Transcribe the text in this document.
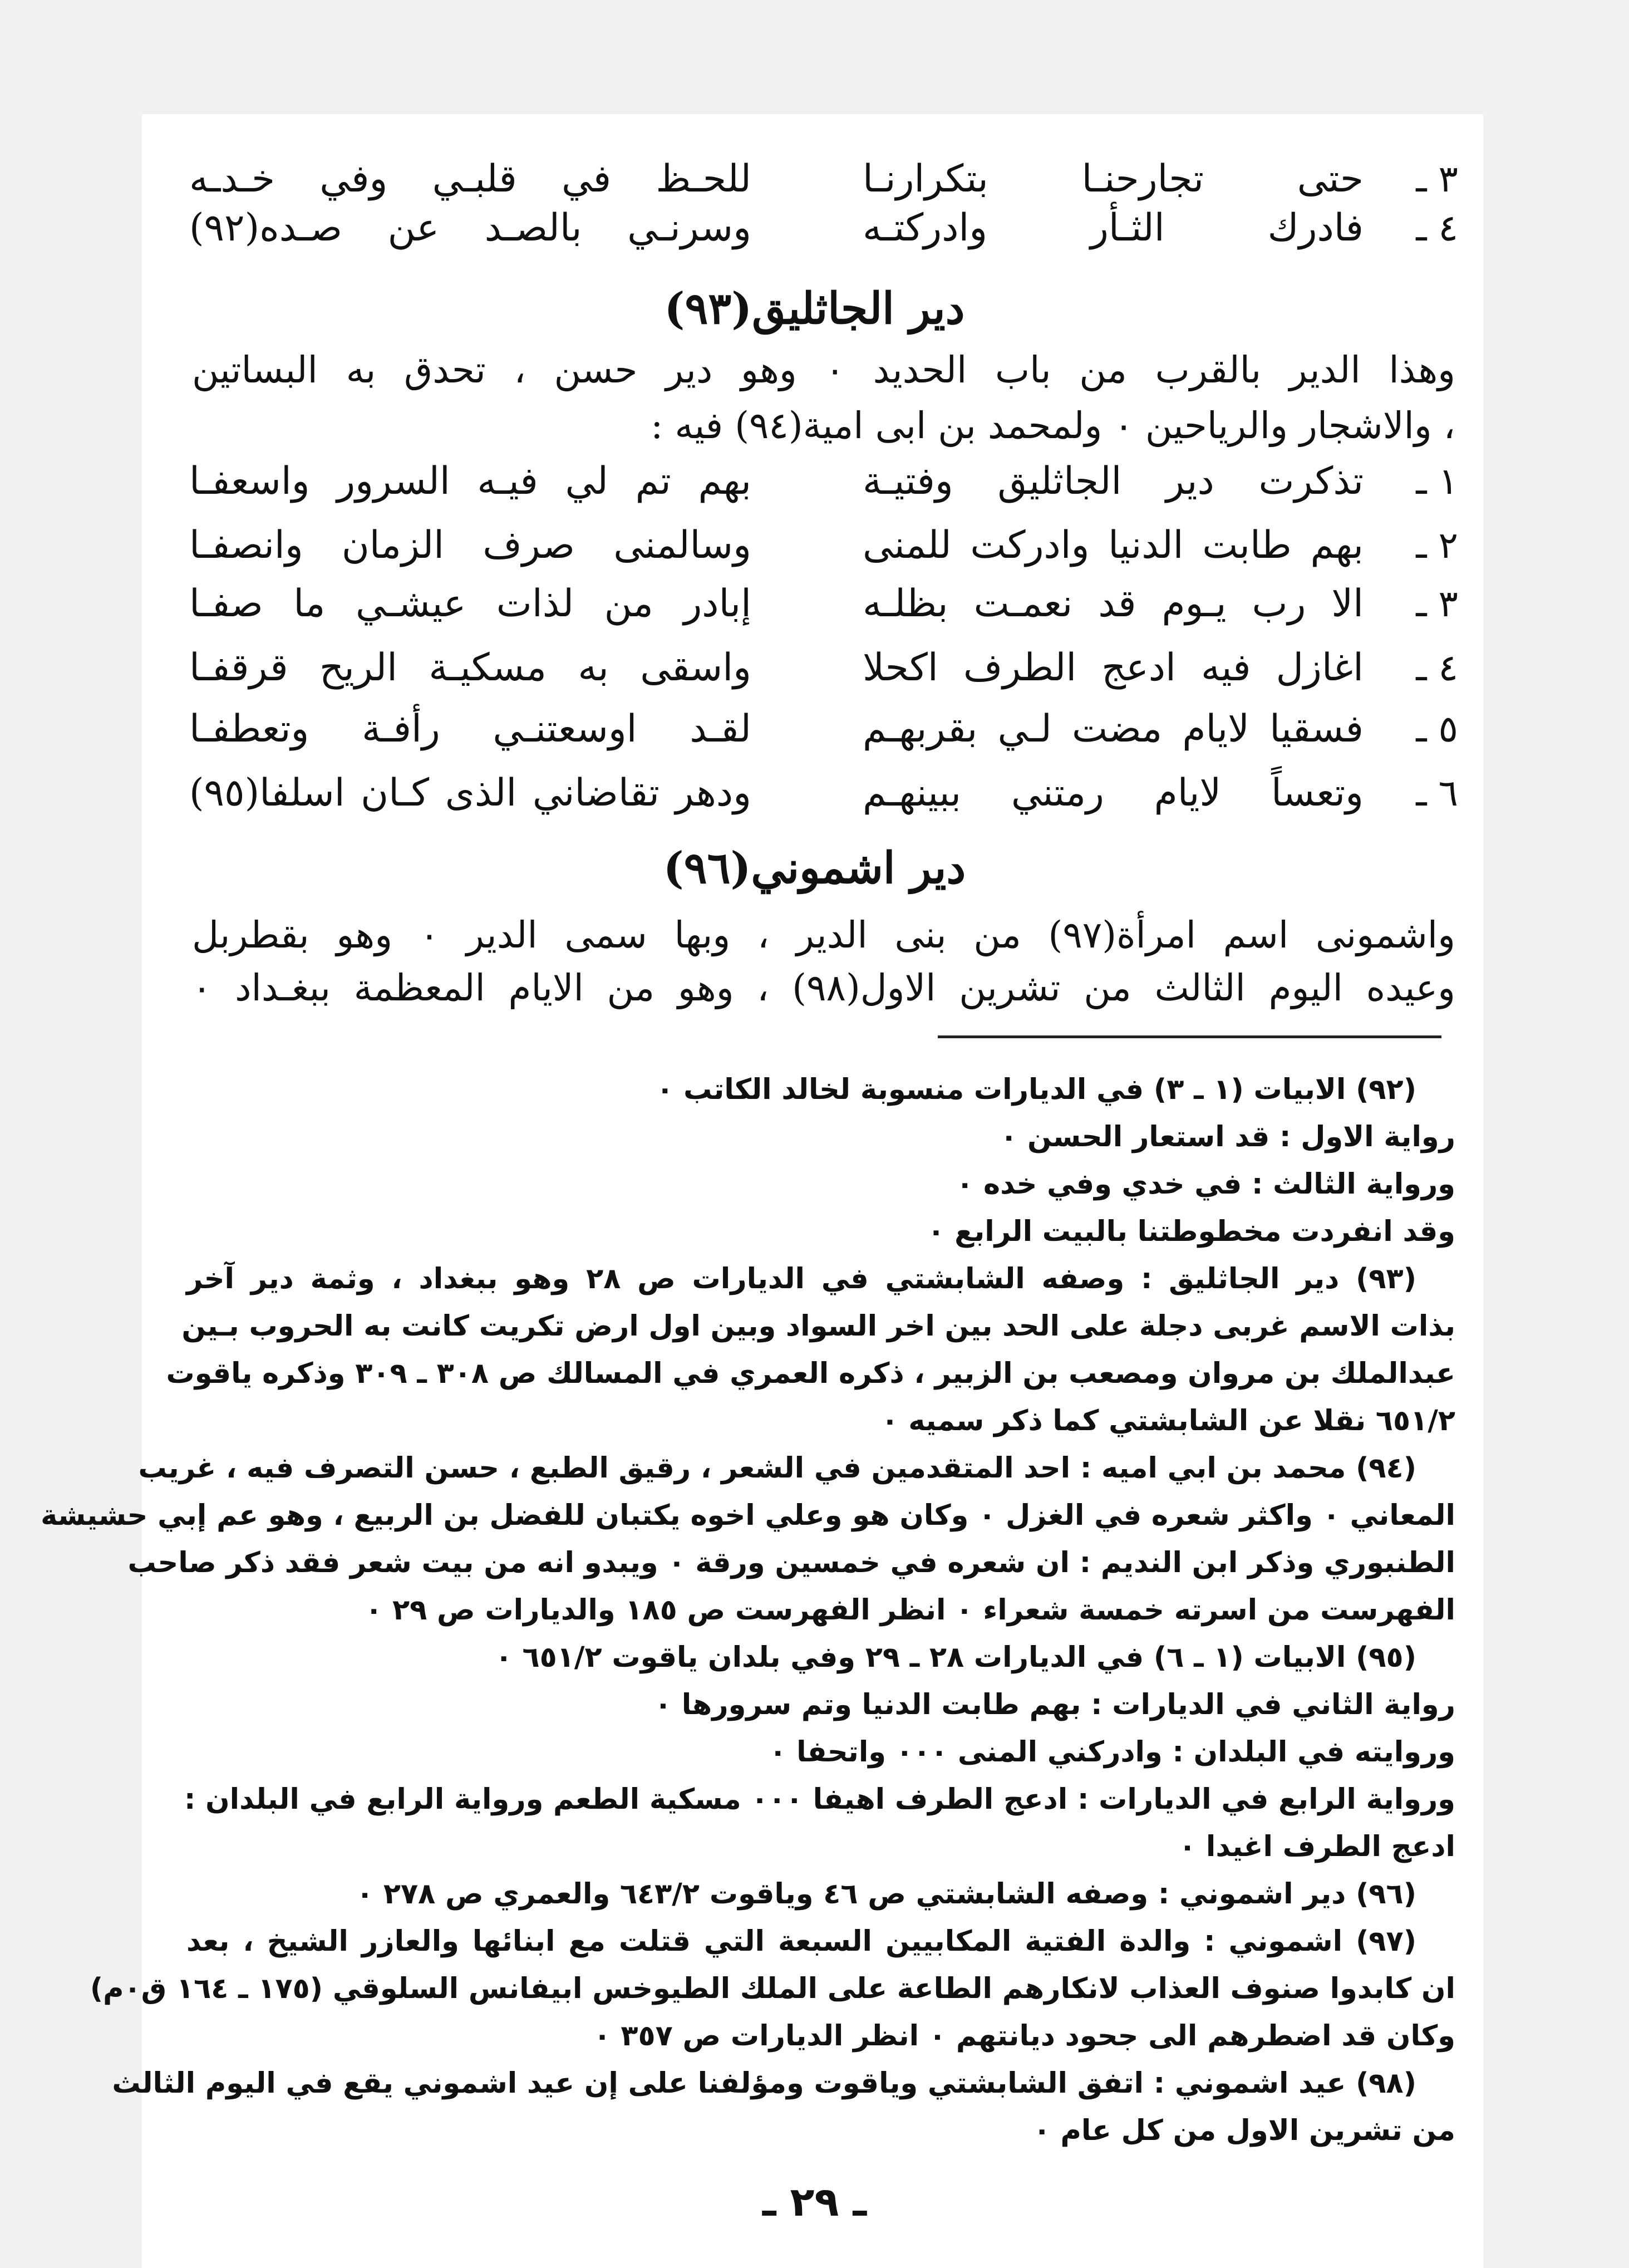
٣ ـ
حتى تجارحنـا بتكرارنـا
للحـظ في قلبـي وفي خـدـه
٤ ـ
فادرك الثـأر وادركتـه
وسرنـي بالصـد عن صـده(٩٢)
دير الجاثليق(٩٣)
وهذا الدير بالقرب من باب الحديد ٠ وهو دير حسن ، تحدق به البساتين
، والاشجار والرياحين ٠ ولمحمد بن ابى امية(٩٤) فيه :
١ ـ
تذكرت دير الجاثليق وفتيـة
بهم تم لي فيـه السرور واسعفـا
٢ ـ
بهم طابت الدنيا وادركت للمنى
وسالمنى صرف الزمان وانصفـا
٣ ـ
الا رب يـوم قد نعمـت بظلـه
إبادر من لذات عيشـي ما صفـا
٤ ـ
اغازل فيه ادعج الطرف اكحلا
واسقى به مسكيـة الريح قرقفـا
٥ ـ
فسقيا لايام مضت لـي بقربهـم
لقـد اوسعتنـي رأفـة وتعطفـا
٦ ـ
وتعساً لايام رمتني ببينهـم
ودهر تقاضاني الذى كـان اسلفا(٩٥)
دير اشموني(٩٦)
واشمونى اسم امرأة(٩٧) من بنى الدير ، وبها سمى الدير ٠ وهو بقطربل
وعيده اليوم الثالث من تشرين الاول(٩٨) ، وهو من الايام المعظمة ببغـداد ٠
(٩٢) الابيات (١ ـ ٣) في الديارات منسوبة لخالد الكاتب ٠
رواية الاول : قد استعار الحسن ٠
ورواية الثالث : في خدي وفي خده ٠
وقد انفردت مخطوطتنا بالبيت الرابع ٠
(٩٣) دير الجاثليق : وصفه الشابشتي في الديارات ص ٢٨ وهو ببغداد ، وثمة دير آخر
بذات الاسم غربى دجلة على الحد بين اخر السواد وبين اول ارض تكريت كانت به الحروب بـين
عبدالملك بن مروان ومصعب بن الزبير ، ذكره العمري في المسالك ص ٣٠٨ ـ ٣٠٩ وذكره ياقوت
٦٥١/٢ نقلا عن الشابشتي كما ذكر سميه ٠
(٩٤) محمد بن ابي اميه : احد المتقدمين في الشعر ، رقيق الطبع ، حسن التصرف فيه ، غريب
المعاني ٠ واكثر شعره في الغزل ٠ وكان هو وعلي اخوه يكتبان للفضل بن الربيع ، وهو عم إبي حشيشة
الطنبوري وذكر ابن النديم : ان شعره في خمسين ورقة ٠ ويبدو انه من بيت شعر فقد ذكر صاحب
الفهرست من اسرته خمسة شعراء ٠ انظر الفهرست ص ١٨٥ والديارات ص ٢٩ ٠
(٩٥) الابيات (١ ـ ٦) في الديارات ٢٨ ـ ٢٩ وفي بلدان ياقوت ٦٥١/٢ ٠
رواية الثاني في الديارات : بهم طابت الدنيا وتم سرورها ٠
وروايته في البلدان : وادركني المنى ٠٠٠ واتحفا ٠
ورواية الرابع في الديارات : ادعج الطرف اهيفا ٠٠٠ مسكية الطعم ورواية الرابع في البلدان :
ادعج الطرف اغيدا ٠
(٩٦) دير اشموني : وصفه الشابشتي ص ٤٦ وياقوت ٦٤٣/٢ والعمري ص ٢٧٨ ٠
(٩٧) اشموني : والدة الفتية المكابيين السبعة التي قتلت مع ابنائها والعازر الشيخ ، بعد
ان كابدوا صنوف العذاب لانكارهم الطاعة على الملك الطيوخس ابيفانس السلوقي (١٧٥ ـ ١٦٤ ق٠م)
وكان قد اضطرهم الى جحود ديانتهم ٠ انظر الديارات ص ٣٥٧ ٠
(٩٨) عيد اشموني : اتفق الشابشتي وياقوت ومؤلفنا على إن عيد اشموني يقع في اليوم الثالث
من تشرين الاول من كل عام ٠
ـ ٢٩ ـ
